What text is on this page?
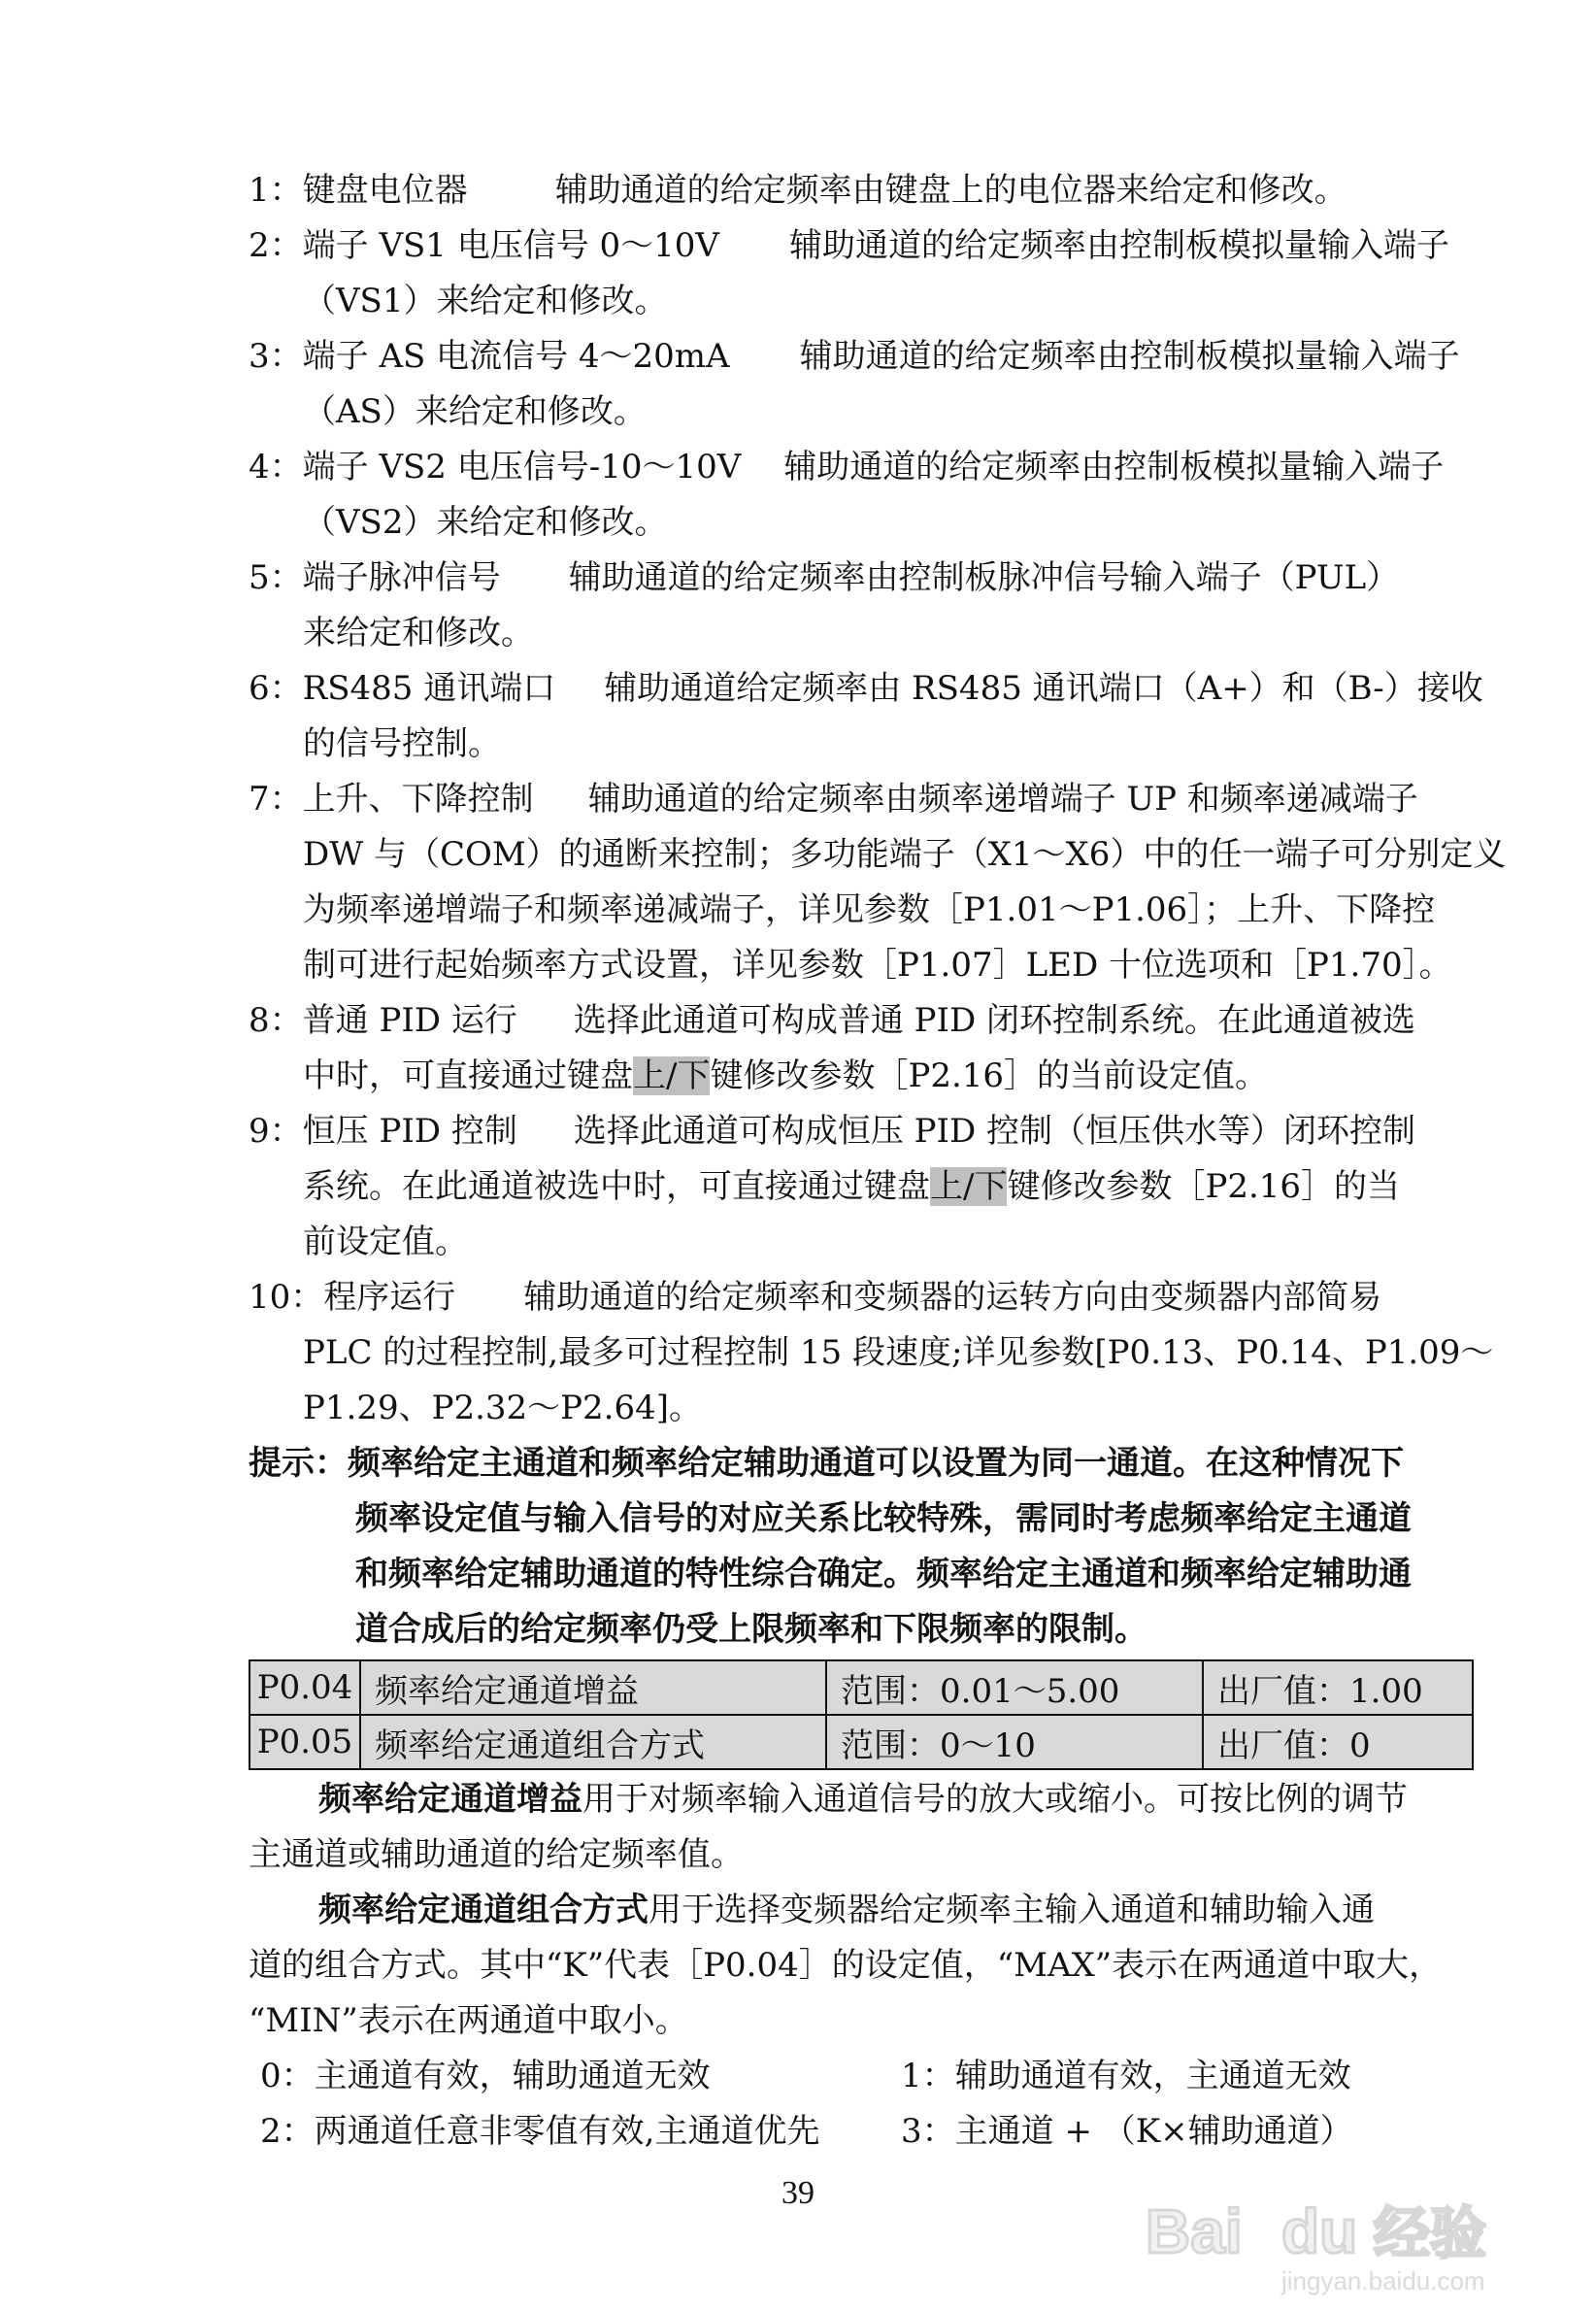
1：键盘电位器	辅助通道的给定频率由键盘上的电位器来给定和修改。
2：端子 VS1 电压信号 0～10V 辅助通道的给定频率由控制板模拟量输入端子
（VS1）来给定和修改。
3：端子 AS 电流信号 4～20mA 辅助通道的给定频率由控制板模拟量输入端子
（AS）来给定和修改。
4：端子 VS2 电压信号-10～10V 辅助通道的给定频率由控制板模拟量输入端子
（VS2）来给定和修改。
5：端子脉冲信号 辅助通道的给定频率由控制板脉冲信号输入端子（PUL）
来给定和修改。
6：RS485 通讯端口 辅助通道给定频率由 RS485 通讯端口（A+）和（B-）接收
的信号控制。
7：上升、下降控制 辅助通道的给定频率由频率递增端子 UP 和频率递减端子
DW 与（COM）的通断来控制；多功能端子（X1～X6）中的任一端子可分别定义
为频率递增端子和频率递减端子，详见参数［P1.01～P1.06］；上升、下降控
制可进行起始频率方式设置，详见参数［P1.07］LED 十位选项和［P1.70］。
8：普通 PID 运行 选择此通道可构成普通 PID 闭环控制系统。在此通道被选
中时，可直接通过键盘上/下键修改参数［P2.16］的当前设定值。
9：恒压 PID 控制 选择此通道可构成恒压 PID 控制（恒压供水等）闭环控制
系统。在此通道被选中时，可直接通过键盘上/下键修改参数［P2.16］的当
前设定值。
10：程序运行 辅助通道的给定频率和变频器的运转方向由变频器内部简易
PLC 的过程控制,最多可过程控制 15 段速度;详见参数[P0.13、P0.14、P1.09～
P1.29、P2.32～P2.64]。
提示：频率给定主通道和频率给定辅助通道可以设置为同一通道。在这种情况下
频率设定值与输入信号的对应关系比较特殊，需同时考虑频率给定主通道
和频率给定辅助通道的特性综合确定。频率给定主通道和频率给定辅助通
道合成后的给定频率仍受上限频率和下限频率的限制。
P0.04	频率给定通道增益	范围：0.01～5.00	出厂值：1.00
P0.05	频率给定通道组合方式	范围：0～10	出厂值：0
频率给定通道增益用于对频率输入通道信号的放大或缩小。可按比例的调节
主通道或辅助通道的给定频率值。
频率给定通道组合方式用于选择变频器给定频率主输入通道和辅助输入通
道的组合方式。其中“K”代表［P0.04］的设定值，“MAX”表示在两通道中取大，
“MIN”表示在两通道中取小。
0：主通道有效，辅助通道无效	1：辅助通道有效，主通道无效
2：两通道任意非零值有效,主通道优先	3：主通道 + （K×辅助通道）
39
Bai du 经验
jingyan.baidu.com
